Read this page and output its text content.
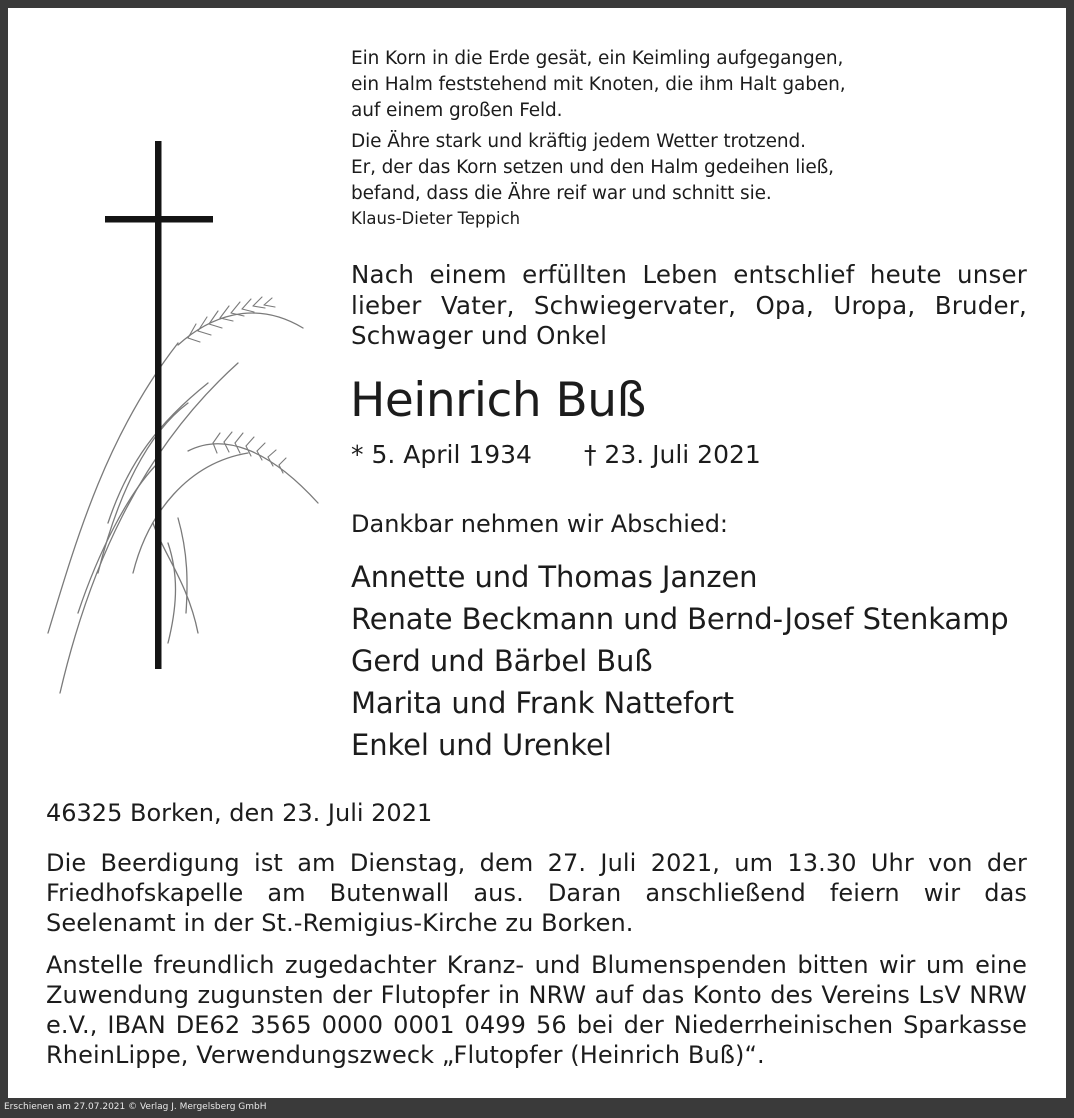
Ein Korn in die Erde gesät, ein Keimling aufgegangen,

ein Halm feststehend mit Knoten, die ihm Halt gaben,

auf einem großen Feld.

Die Ähre stark und kräftig jedem Wetter trotzend.

Er, der das Korn setzen und den Halm gedeihen ließ,

befand, dass die Ähre reif war und schnitt sie.

Klaus-Dieter Teppich

Nach einem erfüllten Leben entschlief heute unser

lieber Vater, Schwiegervater, Opa, Uropa, Bruder,

Schwager und Onkel

Heinrich Buß
* 5. April 1934 † 23. Juli 2021
Dankbar nehmen wir Abschied:
Annette und Thomas Janzen
Renate Beckmann und Bernd-Josef Stenkamp
Gerd und Bärbel Buß
Marita und Frank Nattefort
Enkel und Urenkel
46325 Borken, den 23. Juli 2021
Die Beerdigung ist am Dienstag, dem 27. Juli 2021, um 13.30 Uhr von der Friedhofskapelle am Butenwall aus. Daran anschließend feiern wir das Seelenamt in der St.-Remigius-Kirche zu Borken.
Anstelle freundlich zugedachter Kranz- und Blumenspenden bitten wir um eine Zuwendung zugunsten der Flutopfer in NRW auf das Konto des Vereins LsV NRW e.V., IBAN DE62 3565 0000 0001 0499 56 bei der Niederrheinischen Sparkasse RheinLippe, Verwendungszweck „Flutopfer (Heinrich Buß)“.
Erschienen am 27.07.2021 © Verlag J. Mergelsberg GmbH
